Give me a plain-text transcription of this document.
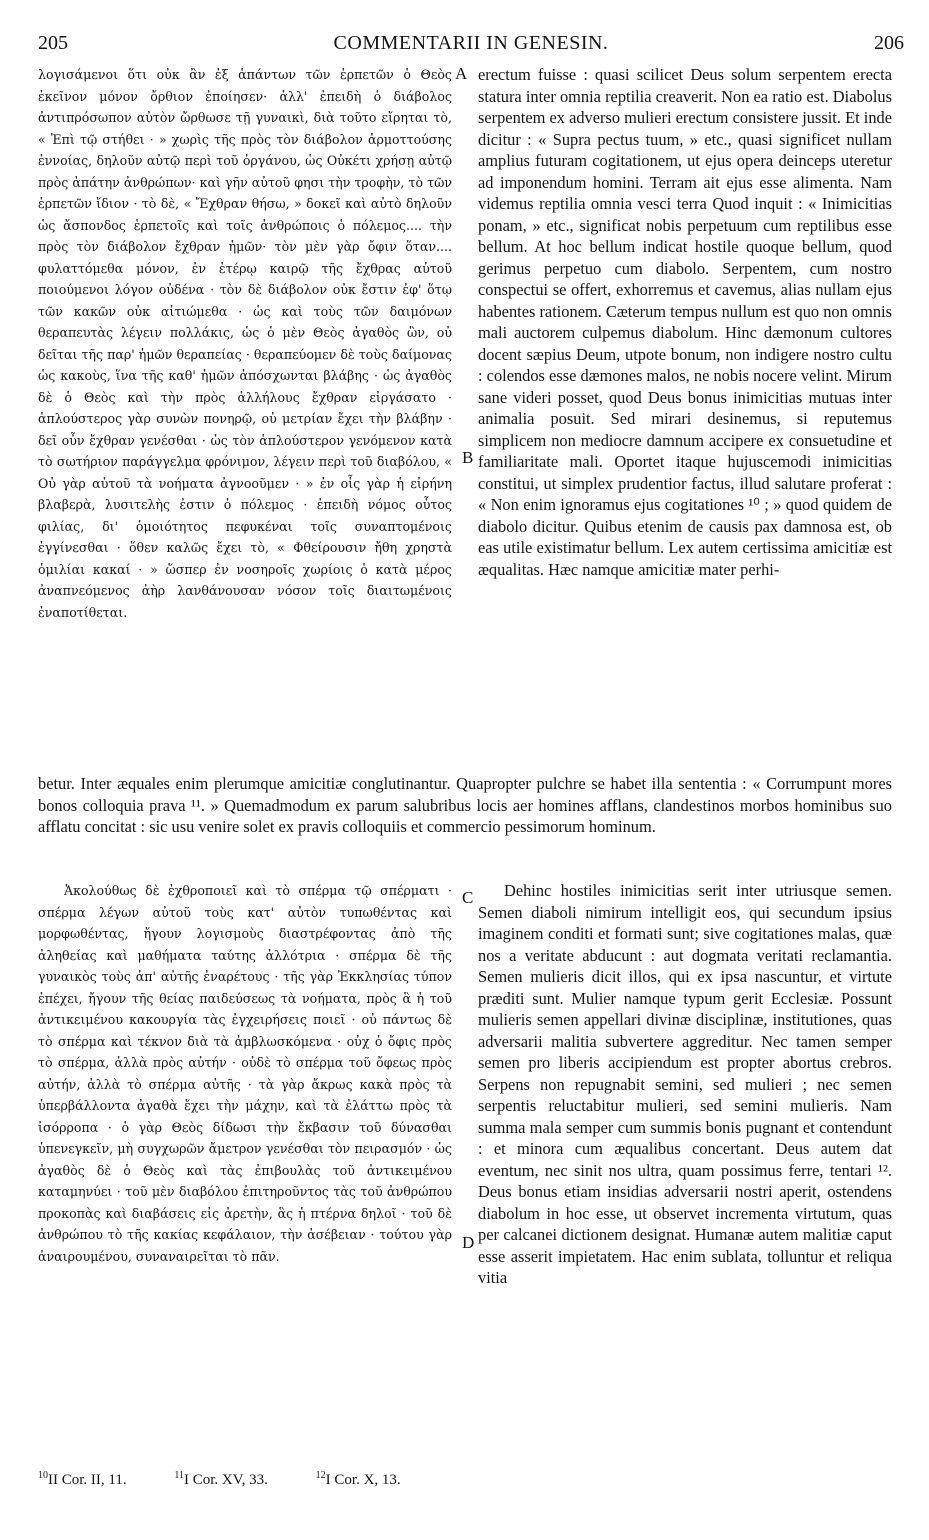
205	COMMENTARII IN GENESIN.	206

λογισάμενοι ὅτι οὐκ ἂν ἐξ ἁπάντων τῶν ἑρπετῶν ὁ Θεὸς ἐκεῖνον μόνον ὄρθιον ἐποίησεν· ἀλλ' ἐπειδὴ ὁ διάβολος ἀντιπρόσωπον αὐτὸν ὤρθωσε τῇ γυναικὶ, διὰ τοῦτο εἴρηται τὸ, « Ἐπὶ τῷ στήθει · » χωρὶς τῆς πρὸς τὸν διάβολον ἁρμοττούσης ἐννοίας, δηλοῦν αὐτῷ περὶ τοῦ ὀργάνου, ὡς Οὐκέτι χρήσῃ αὐτῷ πρὸς ἀπάτην ἀνθρώπων· καὶ γῆν αὐτοῦ φησι τὴν τροφὴν, τὸ τῶν ἑρπετῶν ἴδιον · τὸ δὲ, « Ἔχθραν θήσω, » δοκεῖ καὶ αὐτὸ δηλοῦν ὡς ἄσπονδος ἑρπετοῖς καὶ τοῖς ἀνθρώποις ὁ πόλεμος.... τὴν πρὸς τὸν διάβολον ἔχθραν ἡμῶν· τὸν μὲν γὰρ ὄφιν ὅταν.... φυλαττόμεθα μόνον, ἐν ἑτέρῳ καιρῷ τῆς ἔχθρας αὐτοῦ ποιούμενοι λόγον οὐδένα · τὸν δὲ διάβολον οὐκ ἔστιν ἐφ' ὅτῳ τῶν κακῶν οὐκ αἰτιώμεθα · ὡς καὶ τοὺς τῶν δαιμόνων θεραπευτὰς λέγειν πολλάκις, ὡς ὁ μὲν Θεὸς ἀγαθὸς ὢν, οὐ δεῖται τῆς παρ' ἡμῶν θεραπείας · θεραπεύομεν δὲ τοὺς δαίμονας ὡς κακοὺς, ἵνα τῆς καθ' ἡμῶν ἀπόσχωνται βλάβης · ὡς ἀγαθὸς δὲ ὁ Θεὸς καὶ τὴν πρὸς ἀλλήλους ἔχθραν εἰργάσατο · ἁπλούστερος γὰρ συνὼν πονηρῷ, οὐ μετρίαν ἔχει τὴν βλάβην · δεῖ οὖν ἔχθραν γενέσθαι · ὡς τὸν ἁπλούστερον γενόμενον κατὰ τὸ σωτήριον παράγγελμα φρόνιμον, λέγειν περὶ τοῦ διαβόλου, « Οὐ γὰρ αὐτοῦ τὰ νοήματα ἀγνοοῦμεν · » ἐν οἷς γὰρ ἡ εἰρήνη βλαβερὰ, λυσιτελὴς ἐστιν ὁ πόλεμος · ἐπειδὴ νόμος οὗτος φιλίας, δι' ὁμοιότητος πεφυκέναι τοῖς συναπτομένοις ἐγγίνεσθαι · ὅθεν καλῶς ἔχει τὸ, « Φθείρουσιν ἤθη χρηστὰ ὁμιλίαι κακαί · » ὥσπερ ἐν νοσηροῖς χωρίοις ὁ κατὰ μέρος ἀναπνεόμενος ἀὴρ λανθάνουσαν νόσον τοῖς διαιτωμένοις ἐναποτίθεται.

erectum fuisse : quasi scilicet Deus solum serpentem erecta statura inter omnia reptilia creaverit. Non ea ratio est. Diabolus serpentem ex adverso mulieri erectum consistere jussit. Et inde dicitur : « Supra pectus tuum, » etc., quasi significet nullam amplius futuram cogitationem, ut ejus opera deinceps uteretur ad imponendum homini. Terram ait ejus esse alimenta. Nam videmus reptilia omnia vesci terra Quod inquit : « Inimicitias ponam, » etc., significat nobis perpetuum cum reptilibus esse bellum. At hoc bellum indicat hostile quoque bellum, quod gerimus perpetuo cum diabolo. Serpentem, cum nostro conspectui se offert, exhorremus et cavemus, alias nullam ejus habentes rationem. Cæterum tempus nullum est quo non omnis mali auctorem culpemus diabolum. Hinc dæmonum cultores docent sæpius Deum, utpote bonum, non indigere nostro cultu : colendos esse dæmones malos, ne nobis nocere velint. Mirum sane videri posset, quod Deus bonus inimicitias mutuas inter animalia posuit. Sed mirari desinemus, si reputemus simplicem non mediocre damnum accipere ex consuetudine et familiaritate mali. Oportet itaque hujuscemodi inimicitias constitui, ut simplex prudentior factus, illud salutare proferat : « Non enim ignoramus ejus cogitationes ¹⁰ ; » quod quidem de diabolo dicitur. Quibus etenim de causis pax damnosa est, ob eas utile existimatur bellum. Lex autem certissima amicitiæ est æqualitas. Hæc namque amicitiæ mater perhi-

A
B
betur. Inter æquales enim plerumque amicitiæ conglutinantur. Quapropter pulchre se habet illa sententia : « Corrumpunt mores bonos colloquia prava ¹¹. » Quemadmodum ex parum salubribus locis aer homines afflans, clandestinos morbos hominibus suo afflatu concitat : sic usu venire solet ex pravis colloquiis et commercio pessimorum hominum.

Ἀκολούθως δὲ ἐχθροποιεῖ καὶ τὸ σπέρμα τῷ σπέρματι · σπέρμα λέγων αὐτοῦ τοὺς κατ' αὐτὸν τυπωθέντας καὶ μορφωθέντας, ἤγουν λογισμοὺς διαστρέφοντας ἀπὸ τῆς ἀληθείας καὶ μαθήματα ταύτης ἀλλότρια · σπέρμα δὲ τῆς γυναικὸς τοὺς ἀπ' αὐτῆς ἐναρέτους · τῆς γὰρ Ἐκκλησίας τύπον ἐπέχει, ἤγουν τῆς θείας παιδεύσεως τὰ νοήματα, πρὸς ἃ ἡ τοῦ ἀντικειμένου κακουργία τὰς ἐγχειρήσεις ποιεῖ · οὐ πάντως δὲ τὸ σπέρμα καὶ τέκνον διὰ τὰ ἀμβλωσκόμενα · οὐχ ὁ ὄφις πρὸς τὸ σπέρμα, ἀλλὰ πρὸς αὐτήν · οὐδὲ τὸ σπέρμα τοῦ ὄφεως πρὸς αὐτήν, ἀλλὰ τὸ σπέρμα αὐτῆς · τὰ γὰρ ἄκρως κακὰ πρὸς τὰ ὑπερβάλλοντα ἀγαθὰ ἔχει τὴν μάχην, καὶ τὰ ἐλάττω πρὸς τὰ ἰσόρροπα · ὁ γὰρ Θεὸς δίδωσι τὴν ἔκβασιν τοῦ δύνασθαι ὑπενεγκεῖν, μὴ συγχωρῶν ἄμετρον γενέσθαι τὸν πειρασμόν · ὡς ἀγαθὸς δὲ ὁ Θεὸς καὶ τὰς ἐπιβουλὰς τοῦ ἀντικειμένου καταμηνύει · τοῦ μὲν διαβόλου ἐπιτηροῦντος τὰς τοῦ ἀνθρώπου προκοπὰς καὶ διαβάσεις εἰς ἀρετὴν, ἃς ἡ πτέρνα δηλοῖ · τοῦ δὲ ἀνθρώπου τὸ τῆς κακίας κεφάλαιον, τὴν ἀσέβειαν · τούτου γὰρ ἀναιρουμένου, συναναιρεῖται τὸ πᾶν.

Dehinc hostiles inimicitias serit inter utriusque semen. Semen diaboli nimirum intelligit eos, qui secundum ipsius imaginem conditi et formati sunt; sive cogitationes malas, quæ nos a veritate abducunt : aut dogmata veritati reclamantia. Semen mulieris dicit illos, qui ex ipsa nascuntur, et virtute præditi sunt. Mulier namque typum gerit Ecclesiæ. Possunt mulieris semen appellari divinæ disciplinæ, institutiones, quas adversarii malitia subvertere aggreditur. Nec tamen semper semen pro liberis accipiendum est propter abortus crebros. Serpens non repugnabit semini, sed mulieri ; nec semen serpentis reluctabitur mulieri, sed semini mulieris. Nam summa mala semper cum summis bonis pugnant et contendunt : et minora cum æqualibus concertant. Deus autem dat eventum, nec sinit nos ultra, quam possimus ferre, tentari ¹². Deus bonus etiam insidias adversarii nostri aperit, ostendens diabolum in hoc esse, ut observet incrementa virtutum, quas per calcanei dictionem designat. Humanæ autem malitiæ caput esse asserit impietatem. Hac enim sublata, tolluntur et reliqua vitia

C
D
$^{10}$II Cor. II, 11.	$^{11}$I Cor. XV, 33.	$^{12}$I Cor. X, 13.
